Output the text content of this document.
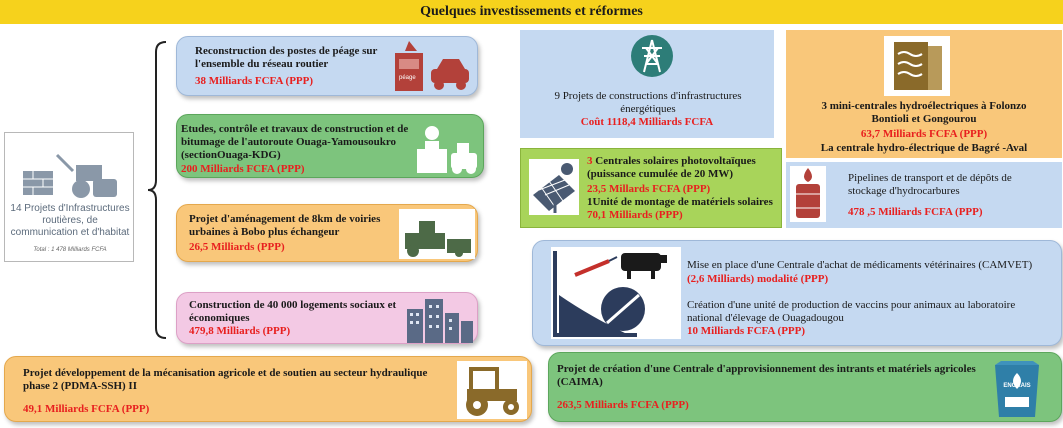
Quelques investissements et réformes
14 Projets d'Infrastructures routières, de communication et d'habitat
Total : 1 478 Milliards FCFA
Reconstruction des postes de péage sur l'ensemble du réseau routier
38 Milliards FCFA (PPP)	péage
Etudes, contrôle et travaux de construction et de bitumage de l'autoroute Ouaga-Yamousoukro (sectionOuaga-KDG)
200 Milliards FCFA (PPP)
Projet d'aménagement de 8km de voiries urbaines à Bobo plus échangeur
26,5 Milliards (PPP)
Construction de 40 000 logements sociaux et économiques
479,8 Milliards (PPP)
Projet développement de la mécanisation agricole et de soutien au secteur hydraulique phase 2 (PDMA-SSH) II
49,1 Milliards FCFA (PPP)
9 Projets de constructions d'infrastructures énergétiques
Coût 1118,4 Milliards FCFA
3 mini-centrales hydroélectriques à Folonzo
Bontioli et Gongourou
63,7 Milliards FCFA (PPP)
La centrale hydro-électrique de Bagré -Aval
3 Centrales solaires photovoltaïques (puissance cumulée de 20 MW)
23,5 Millards FCFA (PPP)
1Unité de montage de matériels solaires
70,1 Milliards (PPP)
Pipelines de transport et de dépôts de stockage d'hydrocarbures
478 ,5 Milliards FCFA (PPP)
Mise en place d'une Centrale d'achat de médicaments vétérinaires (CAMVET)
(2,6 Milliards) modalité (PPP)
Création d'une unité de production de vaccins pour animaux au laboratoire national d'élevage de Ouagadougou
10 Milliards FCFA (PPP)
Projet de création d'une Centrale d'approvisionnement des intrants et matériels agricoles (CAIMA)
263,5 Milliards FCFA (PPP)
ENGRAIS
